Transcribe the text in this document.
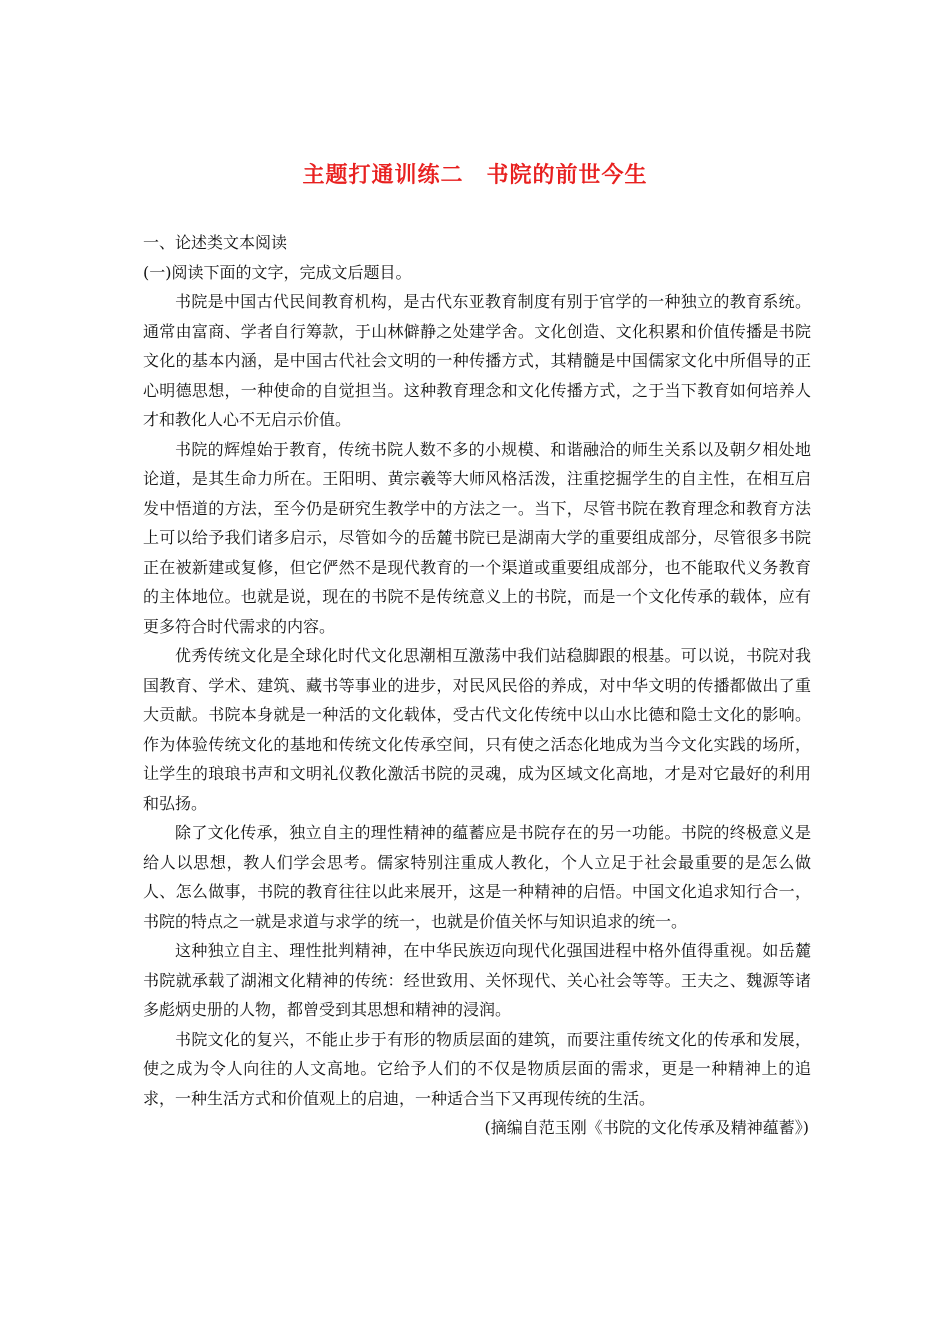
主题打通训练二　书院的前世今生

一、论述类文本阅读

(一)阅读下面的文字，完成文后题目。

书院是中国古代民间教育机构，是古代东亚教育制度有别于官学的一种独立的教育系统。通常由富商、学者自行筹款，于山林僻静之处建学舍。文化创造、文化积累和价值传播是书院文化的基本内涵，是中国古代社会文明的一种传播方式，其精髓是中国儒家文化中所倡导的正心明德思想，一种使命的自觉担当。这种教育理念和文化传播方式，之于当下教育如何培养人才和教化人心不无启示价值。

书院的辉煌始于教育，传统书院人数不多的小规模、和谐融洽的师生关系以及朝夕相处地论道，是其生命力所在。王阳明、黄宗羲等大师风格活泼，注重挖掘学生的自主性，在相互启发中悟道的方法，至今仍是研究生教学中的方法之一。当下，尽管书院在教育理念和教育方法上可以给予我们诸多启示，尽管如今的岳麓书院已是湖南大学的重要组成部分，尽管很多书院正在被新建或复修，但它俨然不是现代教育的一个渠道或重要组成部分，也不能取代义务教育的主体地位。也就是说，现在的书院不是传统意义上的书院，而是一个文化传承的载体，应有更多符合时代需求的内容。

优秀传统文化是全球化时代文化思潮相互激荡中我们站稳脚跟的根基。可以说，书院对我国教育、学术、建筑、藏书等事业的进步，对民风民俗的养成，对中华文明的传播都做出了重大贡献。书院本身就是一种活的文化载体，受古代文化传统中以山水比德和隐士文化的影响。作为体验传统文化的基地和传统文化传承空间，只有使之活态化地成为当今文化实践的场所，让学生的琅琅书声和文明礼仪教化激活书院的灵魂，成为区域文化高地，才是对它最好的利用和弘扬。

除了文化传承，独立自主的理性精神的蕴蓄应是书院存在的另一功能。书院的终极意义是给人以思想，教人们学会思考。儒家特别注重成人教化，个人立足于社会最重要的是怎么做人、怎么做事，书院的教育往往以此来展开，这是一种精神的启悟。中国文化追求知行合一，书院的特点之一就是求道与求学的统一，也就是价值关怀与知识追求的统一。

这种独立自主、理性批判精神，在中华民族迈向现代化强国进程中格外值得重视。如岳麓书院就承载了湖湘文化精神的传统：经世致用、关怀现代、关心社会等等。王夫之、魏源等诸多彪炳史册的人物，都曾受到其思想和精神的浸润。

书院文化的复兴，不能止步于有形的物质层面的建筑，而要注重传统文化的传承和发展，使之成为令人向往的人文高地。它给予人们的不仅是物质层面的需求，更是一种精神上的追求，一种生活方式和价值观上的启迪，一种适合当下又再现传统的生活。

(摘编自范玉刚《书院的文化传承及精神蕴蓄》)
